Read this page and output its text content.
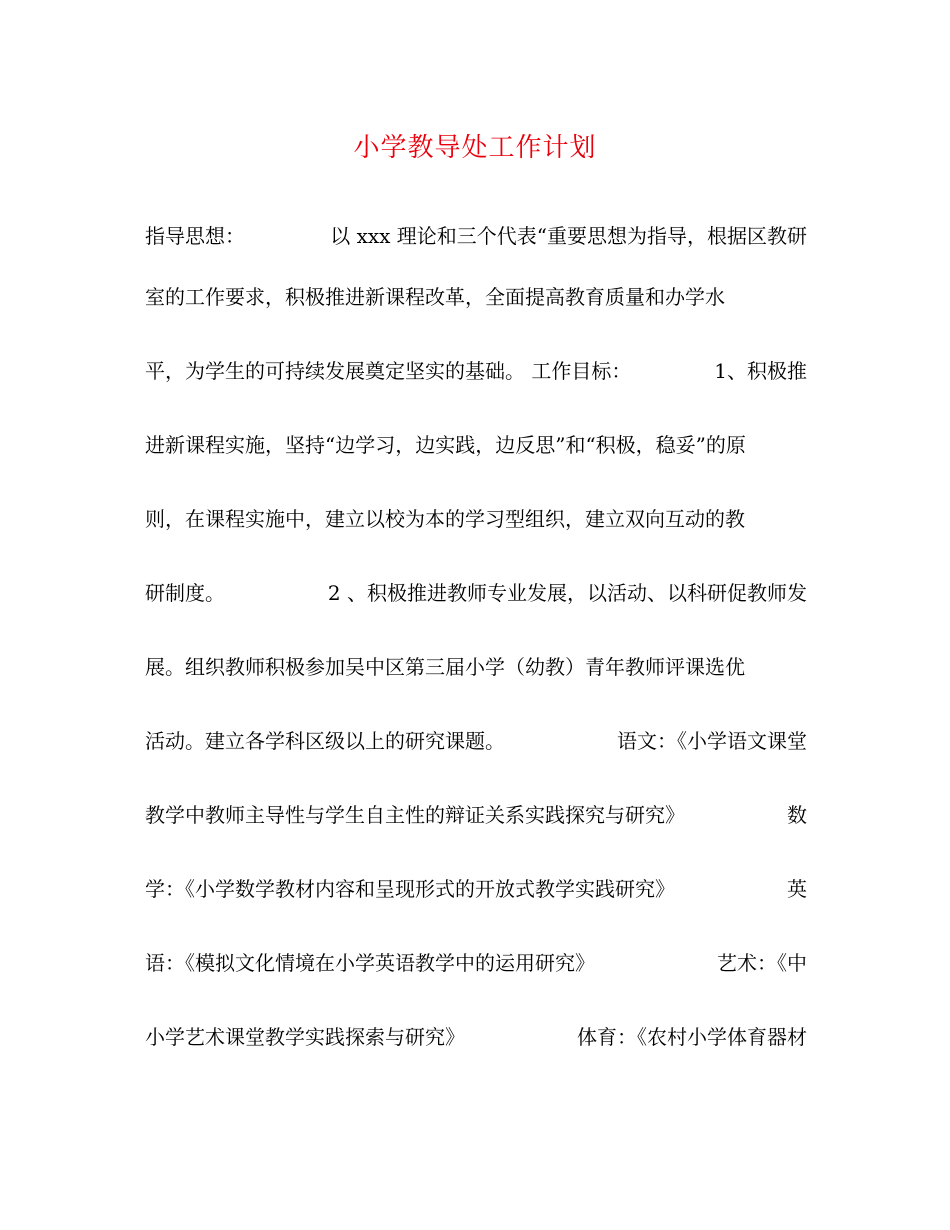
小学教导处工作计划
指导思想：	以 xxx 理论和三个代表“重要思想为指导，根据区教研
室的工作要求，积极推进新课程改革，全面提高教育质量和办学水
平，为学生的可持续发展奠定坚实的基础。 工作目标：	1、积极推
进新课程实施，坚持“边学习，边实践，边反思”和“积极，稳妥”的原
则，在课程实施中，建立以校为本的学习型组织，建立双向互动的教
研制度。	2 、积极推进教师专业发展，以活动、以科研促教师发
展。组织教师积极参加吴中区第三届小学（幼教）青年教师评课选优
活动。建立各学科区级以上的研究课题。	语文：《小学语文课堂
教学中教师主导性与学生自主性的辩证关系实践探究与研究》	数
学：《小学数学教材内容和呈现形式的开放式教学实践研究》	英
语：《模拟文化情境在小学英语教学中的运用研究》	艺术：《中
小学艺术课堂教学实践探索与研究》	体育：《农村小学体育器材
